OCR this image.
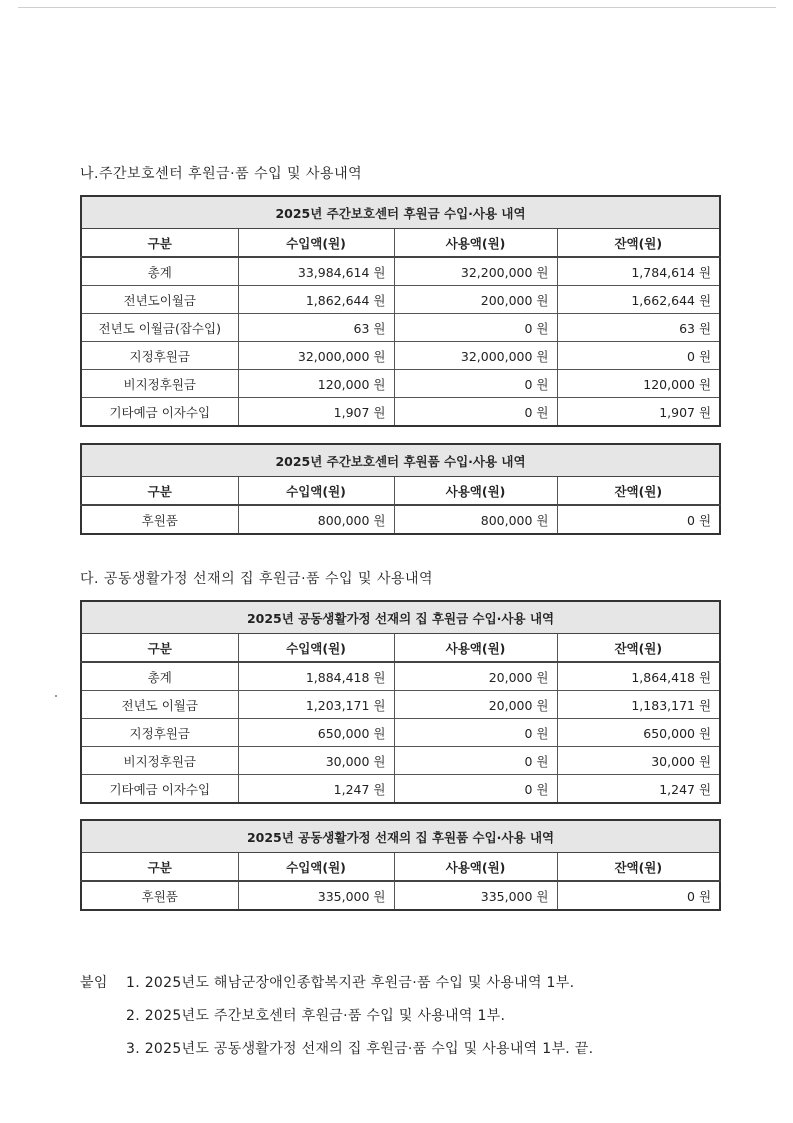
나.주간보호센터 후원금·품 수입 및 사용내역
2025년 주간보호센터 후원금 수입·사용 내역			
구분	수입액(원)	사용액(원)	잔액(원)
총계	33,984,614 원	32,200,000 원	1,784,614 원
전년도이월금	1,862,644 원	200,000 원	1,662,644 원
전년도 이월금(잡수입)	63 원	0 원	63 원
지정후원금	32,000,000 원	32,000,000 원	0 원
비지정후원금	120,000 원	0 원	120,000 원
기타예금 이자수입	1,907 원	0 원	1,907 원
2025년 주간보호센터 후원품 수입·사용 내역			
구분	수입액(원)	사용액(원)	잔액(원)
후원품	800,000 원	800,000 원	0 원
다. 공동생활가정 선재의 집 후원금·품 수입 및 사용내역
2025년 공동생활가정 선재의 집 후원금 수입·사용 내역			
구분	수입액(원)	사용액(원)	잔액(원)
총계	1,884,418 원	20,000 원	1,864,418 원
전년도 이월금	1,203,171 원	20,000 원	1,183,171 원
지정후원금	650,000 원	0 원	650,000 원
비지정후원금	30,000 원	0 원	30,000 원
기타예금 이자수입	1,247 원	0 원	1,247 원
2025년 공동생활가정 선재의 집 후원품 수입·사용 내역			
구분	수입액(원)	사용액(원)	잔액(원)
후원품	335,000 원	335,000 원	0 원
붙임 1. 2025년도 해남군장애인종합복지관 후원금·품 수입 및 사용내역 1부.
2. 2025년도 주간보호센터 후원금·품 수입 및 사용내역 1부.
3. 2025년도 공동생활가정 선재의 집 후원금·품 수입 및 사용내역 1부. 끝.
